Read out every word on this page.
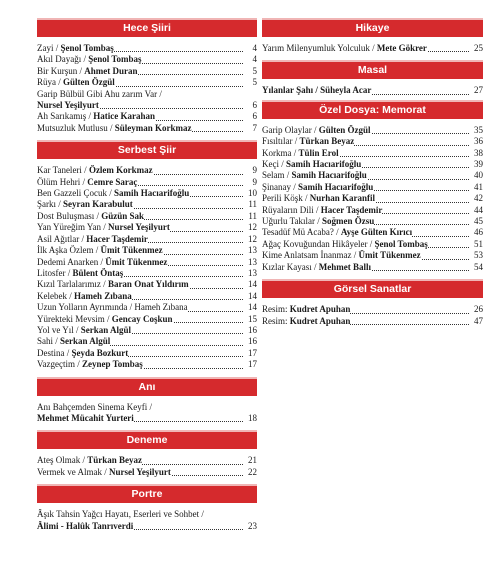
Hece Şiiri
Zayi / Şenol Tombaş	4
Akıl Dayağı / Şenol Tombaş	4
Bir Kurşun / Ahmet Duran	5
Rüya / Gülten Özgül	5
Garip Bülbül Gibi Ahu zarım Var /
Nursel Yeşilyurt	6
Ah Sarıkamış / Hatice Karahan	6
Mutsuzluk Mutlusu / Süleyman Korkmaz	7
Serbest Şiir
Kar Taneleri / Özlem Korkmaz	9
Ölüm Hehri / Cemre Saraç	9
Ben Gazzeli Çocuk / Samih Hacıarifoğlu	10
Şarkı / Seyran Karabulut	11
Dost Buluşması / Güzün Sak	11
Yan Yüreğim Yan / Nursel Yeşilyurt	12
Asil Ağıtlar / Hacer Taşdemir	12
İlk Aşka Özlem / Ümit Tükenmez	13
Dedemi Anarken / Ümit Tükenmez	13
Litosfer / Bülent Öntaş	13
Kızıl Tarlalarımız / Baran Onat Yıldırım	14
Kelebek / Hameh Zıbana	14
Uzun Yolların Ayrımında / Hameh Zıbana	14
Yürekteki Mevsim / Gencay Coşkun	15
Yol ve Yıl / Serkan Algül	16
Sahi / Serkan Algül	16
Destina / Şeyda Bozkurt	17
Vazgeçtim / Zeynep Tombaş	17
Anı
Anı Bahçemden Sinema Keyfi /
Mehmet Mücahit Yurteri	18
Deneme
Ateş Olmak / Türkan Beyaz	21
Vermek ve Almak / Nursel Yeşilyurt	22
Portre
Âşık Tahsin Yağcı Hayatı, Eserleri ve Sohbet /
Âlimi - Halûk Tanrıverdi	23
Hikaye
Yarım Milenyumluk Yolculuk / Mete Gökrer	25
Masal
Yılanlar Şahı / Süheyla Acar	27
Özel Dosya: Memorat
Garip Olaylar / Gülten Özgül	35
Fısıltılar / Türkan Beyaz	36
Korkma / Tülin Erol	38
Keçi / Samih Hacıarifoğlu	39
Selam / Samih Hacıarifoğlu	40
Şinanay / Samih Hacıarifoğlu	41
Perili Köşk / Nurhan Karanfil	42
Rüyaların Dili / Hacer Taşdemir	44
Uğurlu Takılar / Soğmen Özsu	45
Tesadüf Mü Acaba? / Ayşe Gülten Kırıcı	46
Ağaç Kovuğundan Hikâyeler / Şenol Tombaş	51
Kime Anlatsam İnanmaz / Ümit Tükenmez	53
Kızlar Kayası / Mehmet Ballı	54
Görsel Sanatlar
Resim: Kudret Apuhan	26
Resim: Kudret Apuhan	47
